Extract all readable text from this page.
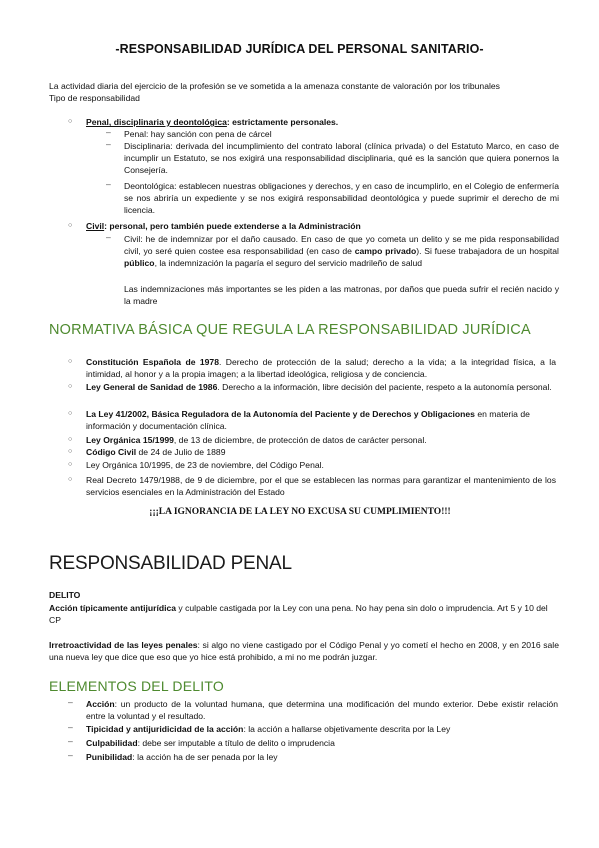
-RESPONSABILIDAD JURÍDICA DEL PERSONAL SANITARIO-
La actividad diaria del ejercicio de la profesión se ve sometida a la amenaza constante de valoración por los tribunales
Tipo de responsabilidad
○ Penal, disciplinaria y deontológica: estrictamente personales.
– Penal: hay sanción con pena de cárcel
– Disciplinaria: derivada del incumplimiento del contrato laboral (clínica privada) o del Estatuto Marco, en caso de incumplir un Estatuto, se nos exigirá una responsabilidad disciplinaria, qué es la sanción que quiera ponernos la Consejería.
– Deontológica: establecen nuestras obligaciones y derechos, y en caso de incumplirlo, en el Colegio de enfermería se nos abriría un expediente y se nos exigirá responsabilidad deontológica y puede suprimir el derecho de mi licencia.
○ Civil: personal, pero también puede extenderse a la Administración
– Civil: he de indemnizar por el daño causado. En caso de que yo cometa un delito y se me pida responsabilidad civil, yo seré quien costee esa responsabilidad (en caso de campo privado). Si fuese trabajadora de un hospital público, la indemnización la pagaría el seguro del servicio madrileño de salud
Las indemnizaciones más importantes se les piden a las matronas, por daños que pueda sufrir el recién nacido y la madre
NORMATIVA BÁSICA QUE REGULA LA RESPONSABILIDAD JURÍDICA
○ Constitución Española de 1978. Derecho de protección de la salud; derecho a la vida; a la integridad física, a la intimidad, al honor y a la propia imagen; a la libertad ideológica, religiosa y de conciencia.
○ Ley General de Sanidad de 1986. Derecho a la información, libre decisión del paciente, respeto a la autonomía personal.
○ La Ley 41/2002, Básica Reguladora de la Autonomía del Paciente y de Derechos y Obligaciones en materia de información y documentación clínica.
○ Ley Orgánica 15/1999, de 13 de diciembre, de protección de datos de carácter personal.
○ Código Civil de 24 de Julio de 1889
○ Ley Orgánica 10/1995, de 23 de noviembre, del Código Penal.
○ Real Decreto 1479/1988, de 9 de diciembre, por el que se establecen las normas para garantizar el mantenimiento de los servicios esenciales en la Administración del Estado
¡¡¡LA IGNORANCIA DE LA LEY NO EXCUSA SU CUMPLIMIENTO!!!
RESPONSABILIDAD PENAL
DELITO
Acción típicamente antijurídica y culpable castigada por la Ley con una pena. No hay pena sin dolo o imprudencia. Art 5 y 10 del CP
Irretroactividad de las leyes penales: si algo no viene castigado por el Código Penal y yo cometí el hecho en 2008, y en 2016 sale una nueva ley que dice que eso que yo hice está prohibido, a mi no me podrán juzgar.
ELEMENTOS DEL DELITO
– Acción: un producto de la voluntad humana, que determina una modificación del mundo exterior. Debe existir relación entre la voluntad y el resultado.
– Tipicidad y antijuridicidad de la acción: la acción a hallarse objetivamente descrita por la Ley
– Culpabilidad: debe ser imputable a título de delito o imprudencia
– Punibilidad: la acción ha de ser penada por la ley
